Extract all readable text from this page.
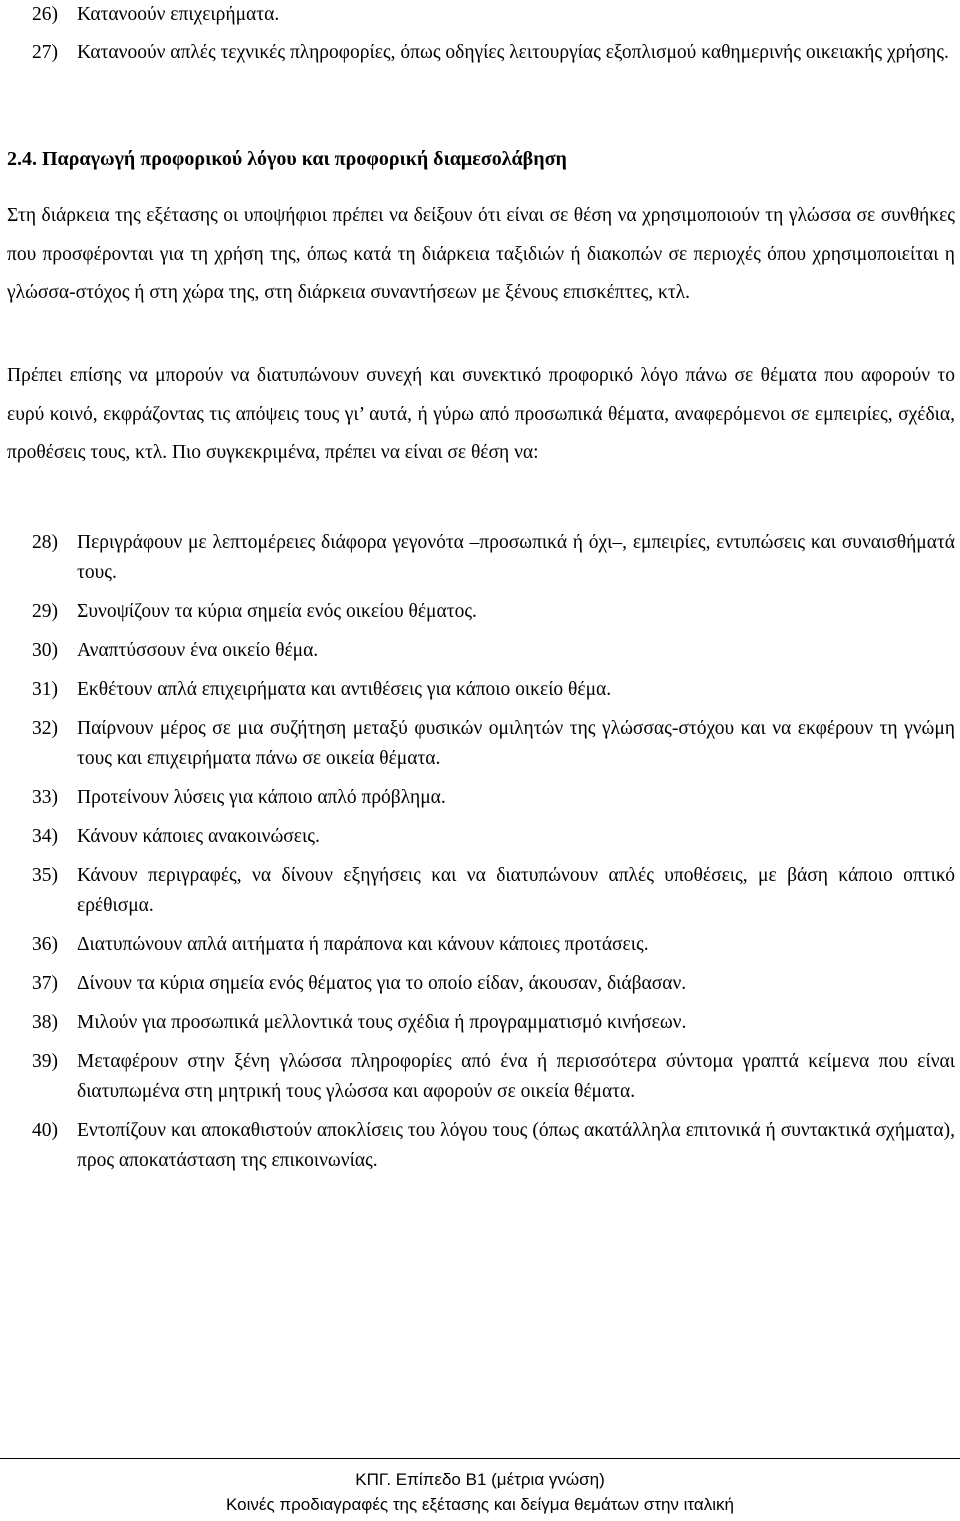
26) Κατανοούν επιχειρήματα.
27) Κατανοούν απλές τεχνικές πληροφορίες, όπως οδηγίες λειτουργίας εξοπλισμού καθημερινής οικειακής χρήσης.
2.4. Παραγωγή προφορικού λόγου και προφορική διαμεσολάβηση
Στη διάρκεια της εξέτασης οι υποψήφιοι πρέπει να δείξουν ότι είναι σε θέση να χρησιμοποιούν τη γλώσσα σε συνθήκες που προσφέρονται για τη χρήση της, όπως κατά τη διάρκεια ταξιδιών ή διακοπών σε περιοχές όπου χρησιμοποιείται η γλώσσα-στόχος ή στη χώρα της, στη διάρκεια συναντήσεων με ξένους επισκέπτες, κτλ.
Πρέπει επίσης να μπορούν να διατυπώνουν συνεχή και συνεκτικό προφορικό λόγο πάνω σε θέματα που αφορούν το ευρύ κοινό, εκφράζοντας τις απόψεις τους γι’ αυτά, ή γύρω από προσωπικά θέματα, αναφερόμενοι σε εμπειρίες, σχέδια, προθέσεις τους, κτλ. Πιο συγκεκριμένα, πρέπει να είναι σε θέση να:
28) Περιγράφουν με λεπτομέρειες διάφορα γεγονότα –προσωπικά ή όχι–, εμπειρίες, εντυπώσεις και συναισθήματά τους.
29) Συνοψίζουν τα κύρια σημεία ενός οικείου θέματος.
30) Αναπτύσσουν ένα οικείο θέμα.
31) Εκθέτουν απλά επιχειρήματα και αντιθέσεις για κάποιο οικείο θέμα.
32) Παίρνουν μέρος σε μια συζήτηση μεταξύ φυσικών ομιλητών της γλώσσας-στόχου και να εκφέρουν τη γνώμη τους και επιχειρήματα πάνω σε οικεία θέματα.
33) Προτείνουν λύσεις για κάποιο απλό πρόβλημα.
34) Κάνουν κάποιες ανακοινώσεις.
35) Κάνουν περιγραφές, να δίνουν εξηγήσεις και να διατυπώνουν απλές υποθέσεις, με βάση κάποιο οπτικό ερέθισμα.
36) Διατυπώνουν απλά αιτήματα ή παράπονα και κάνουν κάποιες προτάσεις.
37) Δίνουν τα κύρια σημεία ενός θέματος για το οποίο είδαν, άκουσαν, διάβασαν.
38) Μιλούν για προσωπικά μελλοντικά τους σχέδια ή προγραμματισμό κινήσεων.
39) Μεταφέρουν στην ξένη γλώσσα πληροφορίες από ένα ή περισσότερα σύντομα γραπτά κείμενα που είναι διατυπωμένα στη μητρική τους γλώσσα και αφορούν σε οικεία θέματα.
40) Εντοπίζουν και αποκαθιστούν αποκλίσεις του λόγου τους (όπως ακατάλληλα επιτονικά ή συντακτικά σχήματα), προς αποκατάσταση της επικοινωνίας.
ΚΠΓ. Επίπεδο Β1 (μέτρια γνώση)
Κοινές προδιαγραφές της εξέτασης και δείγμα θεμάτων στην ιταλική
